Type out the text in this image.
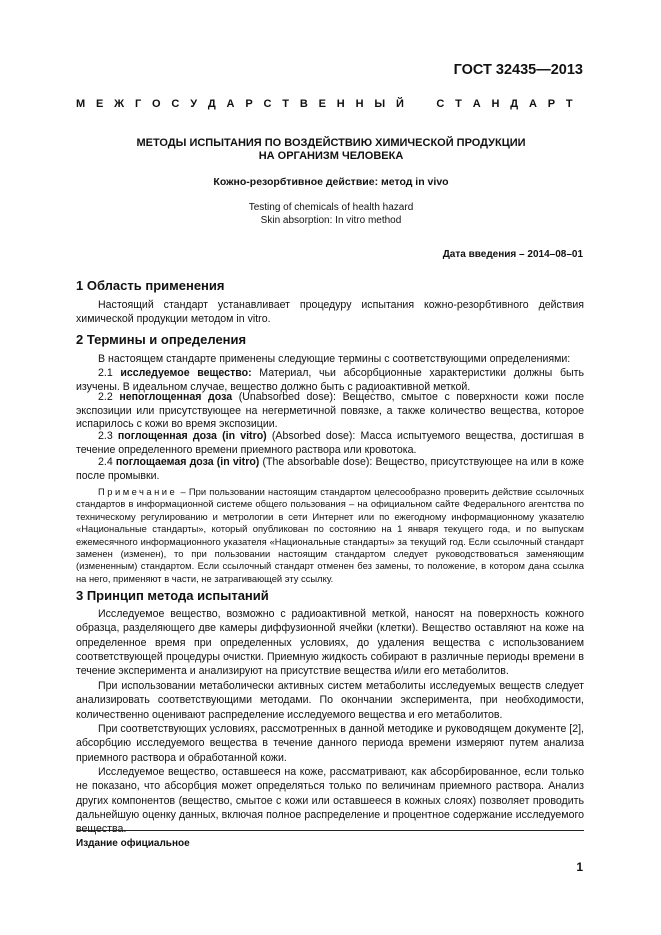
ГОСТ 32435—2013
М Е Ж Г О С У Д А Р С Т В Е Н Н Ы Й	С Т А Н Д А Р Т
МЕТОДЫ ИСПЫТАНИЯ ПО ВОЗДЕЙСТВИЮ ХИМИЧЕСКОЙ ПРОДУКЦИИ
НА ОРГАНИЗМ ЧЕЛОВЕКА
Кожно-резорбтивное действие: метод in vivo
Testing of chemicals of health hazard
Skin absorption: In vitro method
Дата введения – 2014–08–01
1 Область применения
Настоящий стандарт устанавливает процедуру испытания кожно-резорбтивного действия химической продукции методом in vitro.
2 Термины и определения
В настоящем стандарте применены следующие термины с соответствующими определениями:
2.1 исследуемое вещество: Материал, чьи абсорбционные характеристики должны быть изучены. В идеальном случае, вещество должно быть с радиоактивной меткой.
2.2 непоглощенная доза (Unabsorbed dose): Вещество, смытое с поверхности кожи после экспозиции или присутствующее на негерметичной повязке, а также количество вещества, которое испарилось с кожи во время экспозиции.
2.3 поглощенная доза (in vitro) (Absorbed dose): Масса испытуемого вещества, достигшая в течение определенного времени приемного раствора или кровотока.
2.4 поглощаемая доза (in vitro) (The absorbable dose): Вещество, присутствующее на или в коже после промывки.
Примечание – При пользовании настоящим стандартом целесообразно проверить действие ссылочных стандартов в информационной системе общего пользования – на официальном сайте Федерального агентства по техническому регулированию и метрологии в сети Интернет или по ежегодному информационному указателю «Национальные стандарты», который опубликован по состоянию на 1 января текущего года, и по выпускам ежемесячного информационного указателя «Национальные стандарты» за текущий год. Если ссылочный стандарт заменен (изменен), то при пользовании настоящим стандартом следует руководствоваться заменяющим (измененным) стандартом. Если ссылочный стандарт отменен без замены, то положение, в котором дана ссылка на него, применяют в части, не затрагивающей эту ссылку.
3 Принцип метода испытаний
Исследуемое вещество, возможно с радиоактивной меткой, наносят на поверхность кожного образца, разделяющего две камеры диффузионной ячейки (клетки). Вещество оставляют на коже на определенное время при определенных условиях, до удаления вещества с использованием соответствующей процедуры очистки. Приемную жидкость собирают в различные периоды времени в течение эксперимента и анализируют на присутствие вещества и/или его метаболитов.
При использовании метаболически активных систем метаболиты исследуемых веществ следует анализировать соответствующими методами. По окончании эксперимента, при необходимости, количественно оценивают распределение исследуемого вещества и его метаболитов.
При соответствующих условиях, рассмотренных в данной методике и руководящем документе [2], абсорбцию исследуемого вещества в течение данного периода времени измеряют путем анализа приемного раствора и обработанной кожи.
Исследуемое вещество, оставшееся на коже, рассматривают, как абсорбированное, если только не показано, что абсорбция может определяться только по величинам приемного раствора. Анализ других компонентов (вещество, смытое с кожи или оставшееся в кожных слоях) позволяет проводить дальнейшую оценку данных, включая полное распределение и процентное содержание исследуемого вещества.
Издание официальное
1
